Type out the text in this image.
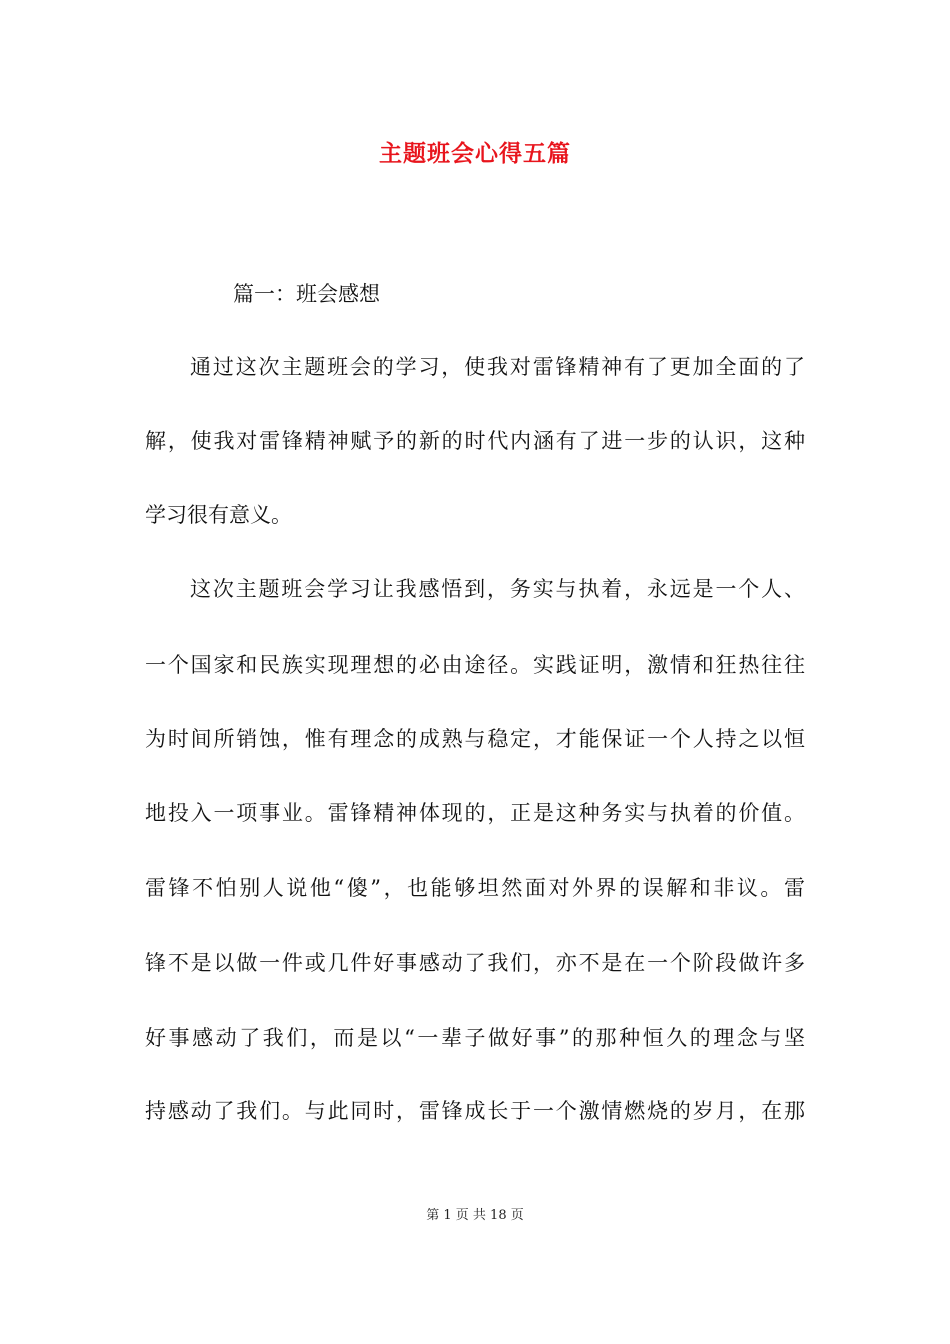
主题班会心得五篇

篇一：班会感想

通过这次主题班会的学习，使我对雷锋精神有了更加全面的了

解，使我对雷锋精神赋予的新的时代内涵有了进一步的认识，这种

学习很有意义。

这次主题班会学习让我感悟到，务实与执着，永远是一个人、

一个国家和民族实现理想的必由途径。实践证明，激情和狂热往往

为时间所销蚀，惟有理念的成熟与稳定，才能保证一个人持之以恒

地投入一项事业。雷锋精神体现的，正是这种务实与执着的价值。

雷锋不怕别人说他“傻”，也能够坦然面对外界的误解和非议。雷

锋不是以做一件或几件好事感动了我们，亦不是在一个阶段做许多

好事感动了我们，而是以“一辈子做好事”的那种恒久的理念与坚

持感动了我们。与此同时，雷锋成长于一个激情燃烧的岁月，在那

第 1 页 共 18 页
